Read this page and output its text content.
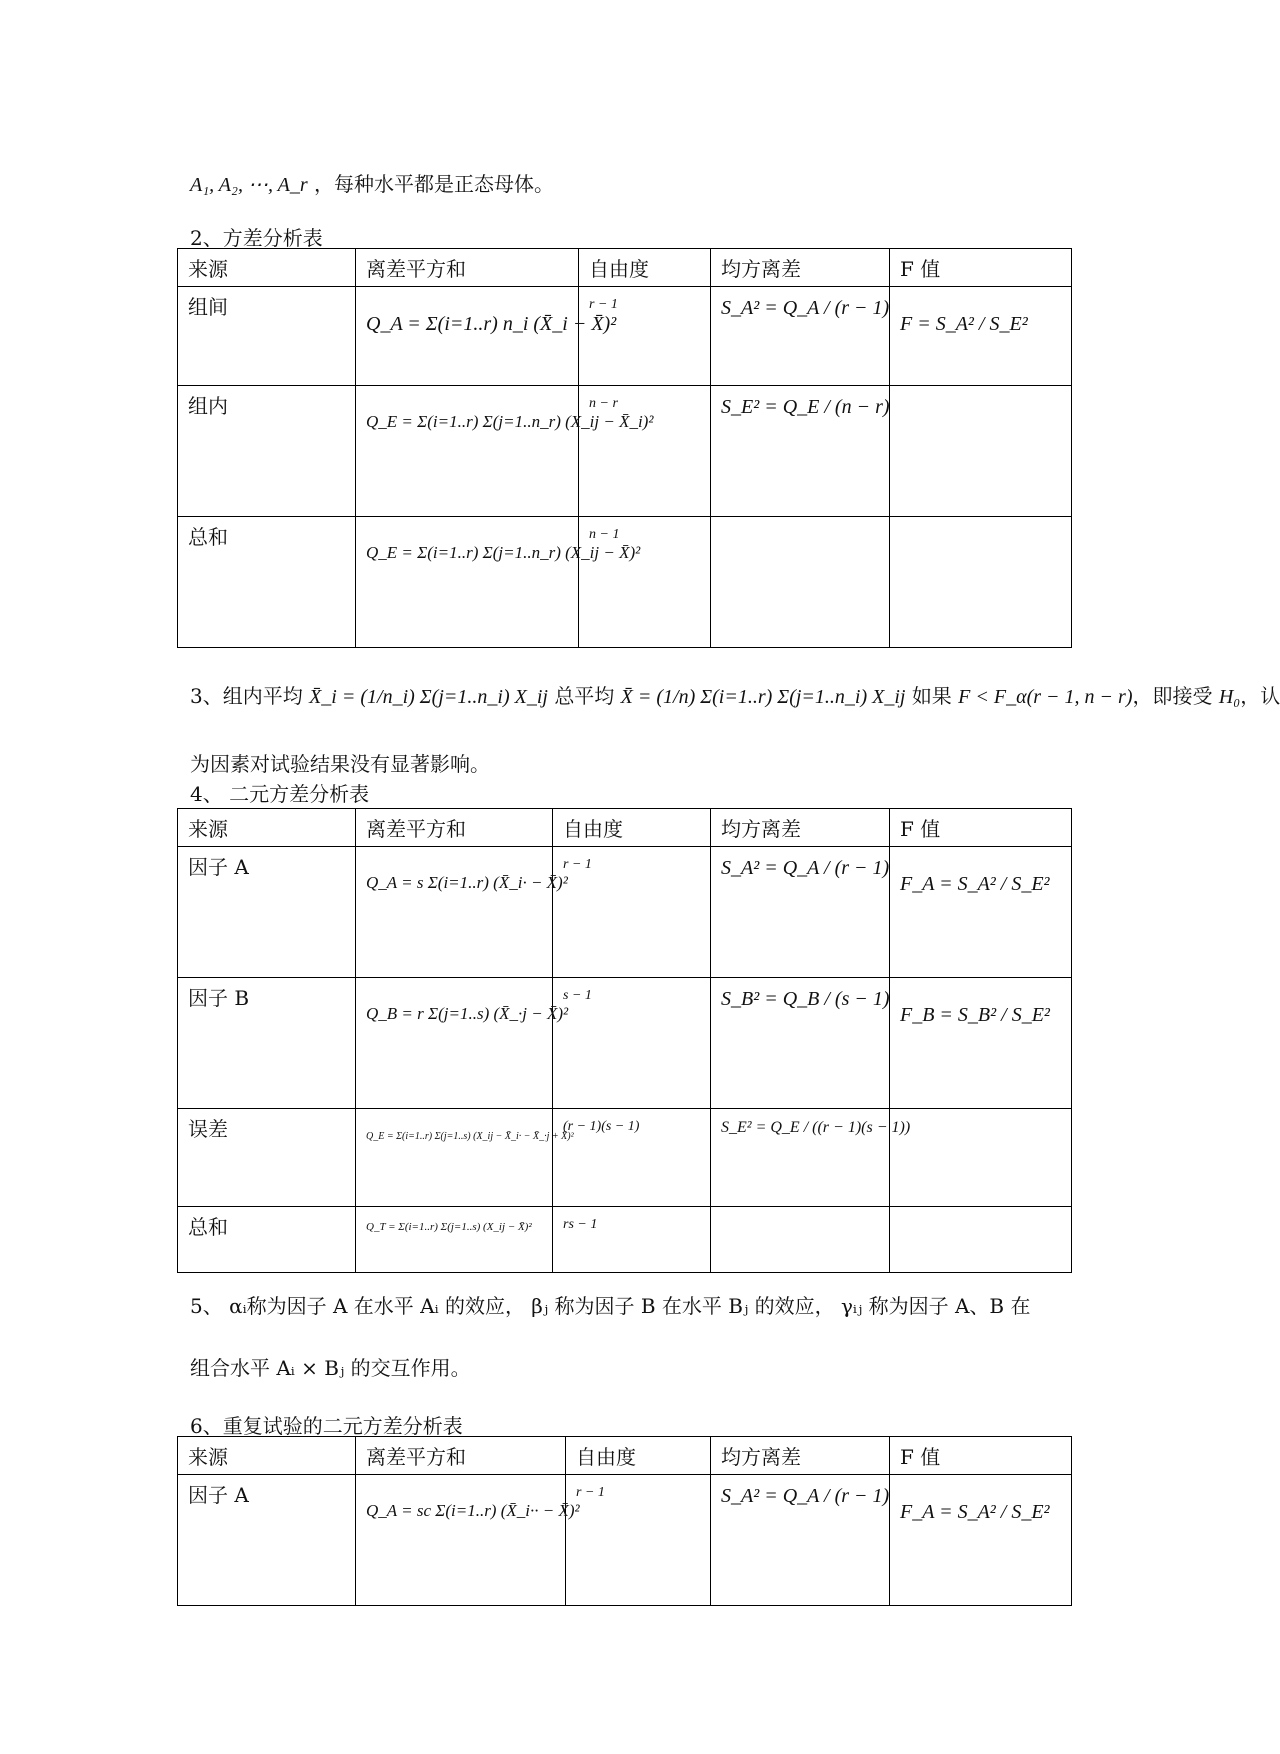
A₁, A₂, ⋯, A_r ，每种水平都是正态母体。
2、方差分析表
来源	离差平方和	自由度	均方离差	F 值
组间	Q_A = Σ(i=1..r) n_i (X̄_i − X̄)²	r − 1	S_A² = Q_A / (r − 1)	F = S_A² / S_E²

组内	Q_E = Σ(i=1..r) Σ(j=1..n_r) (X_ij − X̄_i)²	n − r	S_E² = Q_E / (n − r)	

总和	Q_E = Σ(i=1..r) Σ(j=1..n_r) (X_ij − X̄)²	n − 1		

3、组内平均 X̄_i = (1/n_i) Σ(j=1..n_i) X_ij 总平均 X̄ = (1/n) Σ(i=1..r) Σ(j=1..n_i) X_ij 如果 F < F_α(r − 1, n − r)，即接受 H₀，认
为因素对试验结果没有显著影响。
4、 二元方差分析表
来源	离差平方和	自由度	均方离差	F 值
因子 A	Q_A = s Σ(i=1..r) (X̄_i· − X̄)²	r − 1	S_A² = Q_A / (r − 1)	F_A = S_A² / S_E²

因子 B	Q_B = r Σ(j=1..s) (X̄_·j − X̄)²	s − 1	S_B² = Q_B / (s − 1)	F_B = S_B² / S_E²

误差	Q_E = Σ(i=1..r) Σ(j=1..s) (X_ij − X̄_i· − X̄_·j + X̄)²	(r − 1)(s − 1)	S_E² = Q_E / ((r − 1)(s − 1))	

总和	Q_T = Σ(i=1..r) Σ(j=1..s) (X_ij − X̄)²	rs − 1		

5、 αᵢ称为因子 A 在水平 Aᵢ 的效应， βⱼ 称为因子 B 在水平 Bⱼ 的效应， γᵢⱼ 称为因子 A、B 在
组合水平 Aᵢ × Bⱼ 的交互作用。
6、重复试验的二元方差分析表
来源	离差平方和	自由度	均方离差	F 值
因子 A	Q_A = sc Σ(i=1..r) (X̄_i·· − X̄)²	r − 1	S_A² = Q_A / (r − 1)	F_A = S_A² / S_E²
